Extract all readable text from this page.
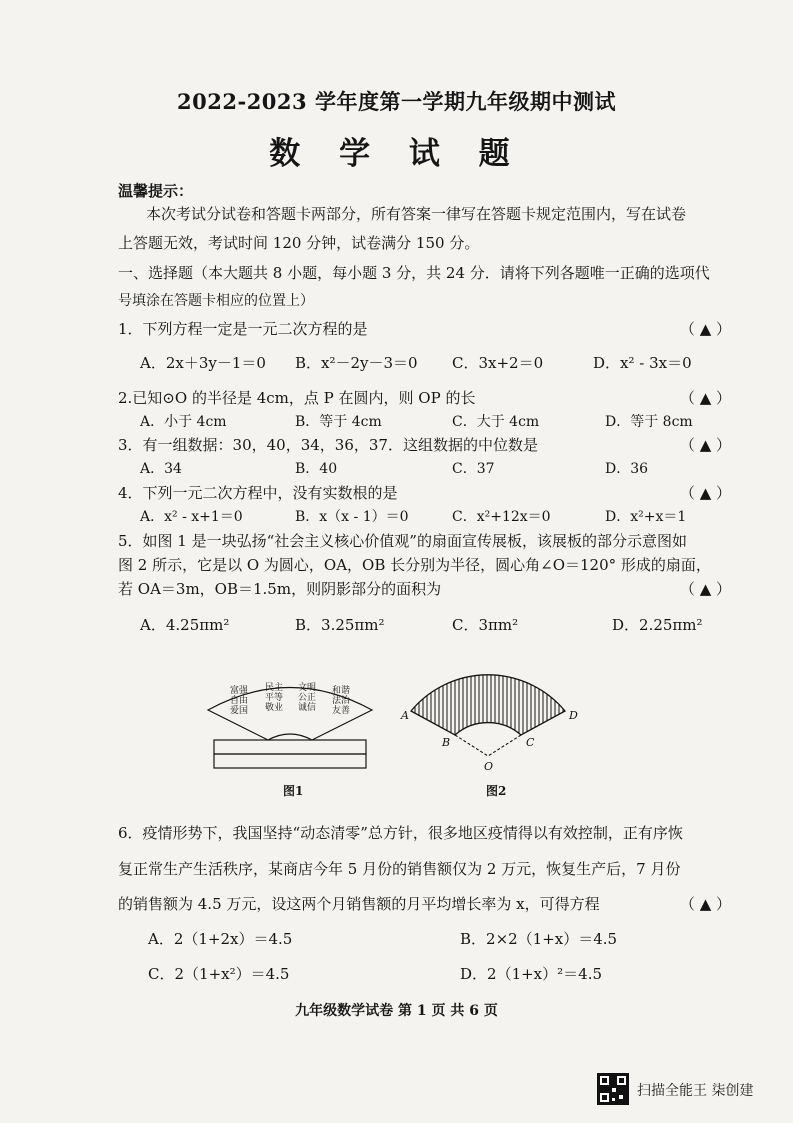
2022-2023 学年度第一学期九年级期中测试
数 学 试 题
温馨提示：
本次考试分试卷和答题卡两部分，所有答案一律写在答题卡规定范围内，写在试卷
上答题无效，考试时间 120 分钟，试卷满分 150 分。
一、选择题（本大题共 8 小题，每小题 3 分，共 24 分．请将下列各题唯一正确的选项代
号填涂在答题卡相应的位置上）
1．下列方程一定是一元二次方程的是	（ ▲ ）
A．2x＋3y－1＝0 B．x²－2y－3＝0 C．3x+2＝0	D．x² - 3x＝0
2.已知⊙O 的半径是 4cm，点 P 在圆内，则 OP 的长	（ ▲ ）
A．小于 4cm	B．等于 4cm	C．大于 4cm	D．等于 8cm
3．有一组数据：30，40，34，36，37．这组数据的中位数是	（ ▲ ）
A．34	B．40	C．37	D．36
4．下列一元二次方程中，没有实数根的是	（ ▲ ）
A．x² - x+1＝0	B．x（x - 1）＝0	C．x²+12x＝0	D．x²+x＝1
5．如图 1 是一块弘扬“社会主义核心价值观”的扇面宣传展板，该展板的部分示意图如
图 2 所示，它是以 O 为圆心，OA，OB 长分别为半径，圆心角∠O＝120° 形成的扇面，
若 OA＝3m，OB＝1.5m，则阴影部分的面积为	（ ▲ ）
A．4.25πm²	B．3.25πm²	C．3πm²	D．2.25πm²
富强
自由
爱国
民主
平等
敬业
文明
公正
诚信
和谐
法治
友善
图1
A
B	C
D
O
图2
6．疫情形势下，我国坚持“动态清零”总方针，很多地区疫情得以有效控制，正有序恢
复正常生产生活秩序，某商店今年 5 月份的销售额仅为 2 万元，恢复生产后，7 月份
的销售额为 4.5 万元，设这两个月销售额的月平均增长率为 x，可得方程	（ ▲ ）
A．2（1+2x）＝4.5	B．2×2（1+x）＝4.5
C．2（1+x²）＝4.5	D．2（1+x）²＝4.5
九年级数学试卷 第 1 页 共 6 页
扫描全能王 柒创建
